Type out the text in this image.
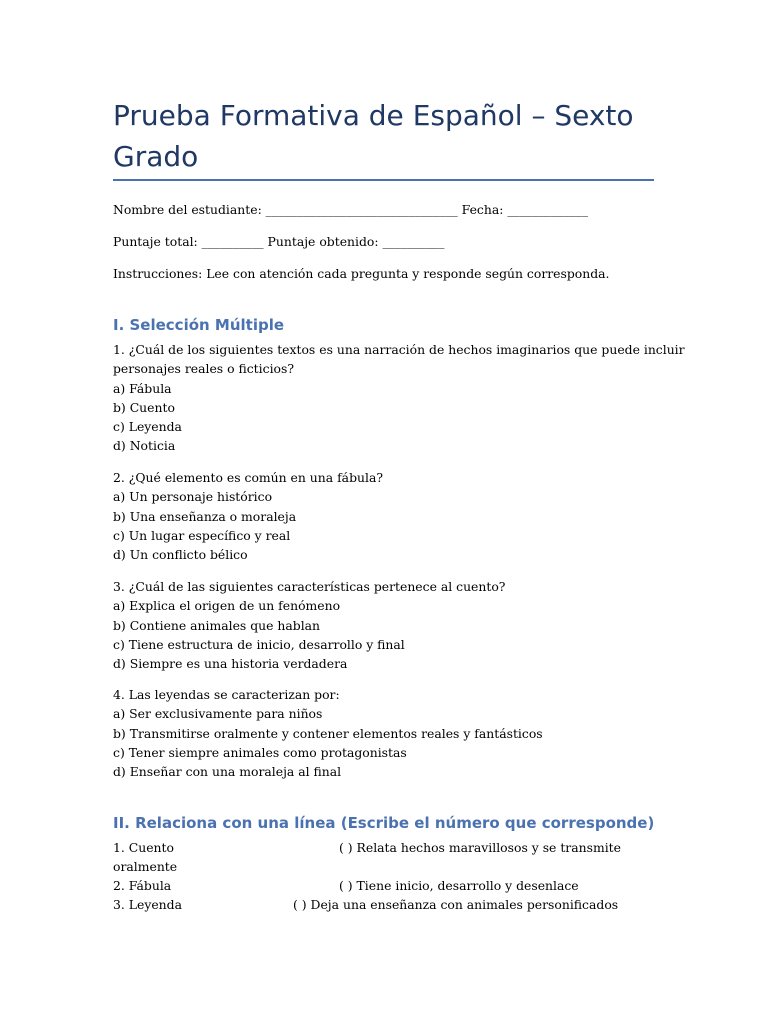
Prueba Formativa de Español – Sexto Grado
Nombre del estudiante: _______________________________ Fecha: _____________
Puntaje total: __________ Puntaje obtenido: __________
Instrucciones: Lee con atención cada pregunta y responde según corresponda.
I. Selección Múltiple
1. ¿Cuál de los siguientes textos es una narración de hechos imaginarios que puede incluir
personajes reales o ficticios?
a) Fábula
b) Cuento
c) Leyenda
d) Noticia
2. ¿Qué elemento es común en una fábula?
a) Un personaje histórico
b) Una enseñanza o moraleja
c) Un lugar específico y real
d) Un conflicto bélico
3. ¿Cuál de las siguientes características pertenece al cuento?
a) Explica el origen de un fenómeno
b) Contiene animales que hablan
c) Tiene estructura de inicio, desarrollo y final
d) Siempre es una historia verdadera
4. Las leyendas se caracterizan por:
a) Ser exclusivamente para niños
b) Transmitirse oralmente y contener elementos reales y fantásticos
c) Tener siempre animales como protagonistas
d) Enseñar con una moraleja al final
II. Relaciona con una línea (Escribe el número que corresponde)
1. Cuento	( ) Relata hechos maravillosos y se transmite
oralmente
2. Fábula	( ) Tiene inicio, desarrollo y desenlace
3. Leyenda	( ) Deja una enseñanza con animales personificados
